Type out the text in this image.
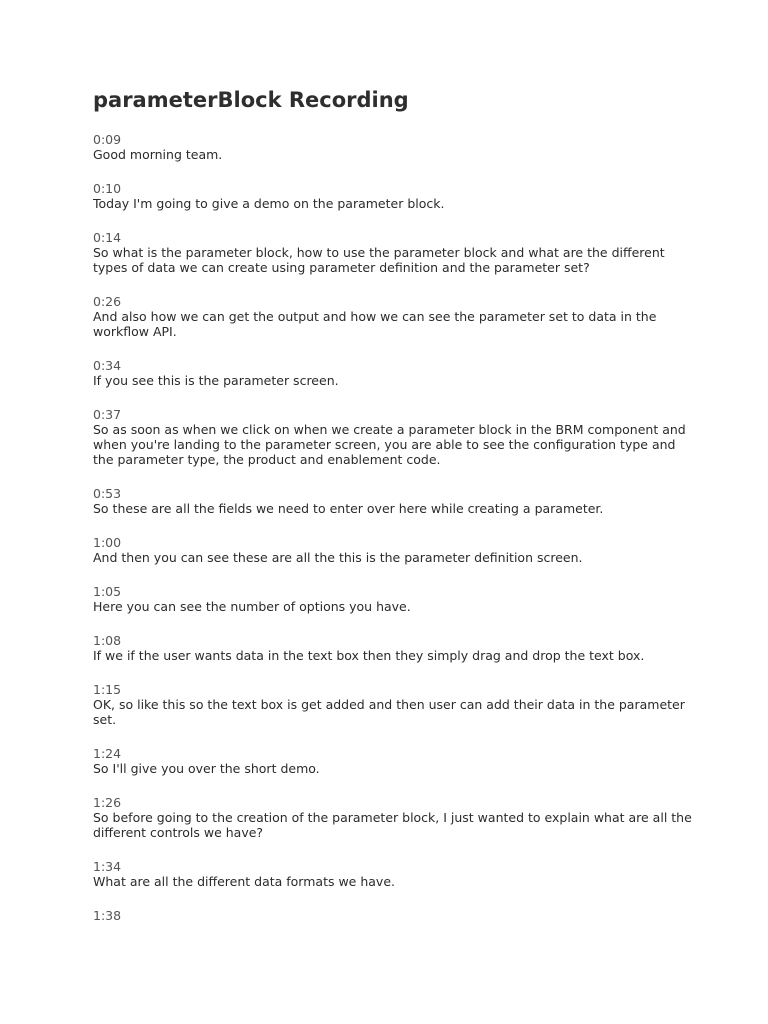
parameterBlock Recording
0:09
Good morning team.
0:10
Today I'm going to give a demo on the parameter block.
0:14
So what is the parameter block, how to use the parameter block and what are the different types of data we can create using parameter definition and the parameter set?
0:26
And also how we can get the output and how we can see the parameter set to data in the workflow API.
0:34
If you see this is the parameter screen.
0:37
So as soon as when we click on when we create a parameter block in the BRM component and when you're landing to the parameter screen, you are able to see the configuration type and the parameter type, the product and enablement code.
0:53
So these are all the fields we need to enter over here while creating a parameter.
1:00
And then you can see these are all the this is the parameter definition screen.
1:05
Here you can see the number of options you have.
1:08
If we if the user wants data in the text box then they simply drag and drop the text box.
1:15
OK, so like this so the text box is get added and then user can add their data in the parameter set.
1:24
So I'll give you over the short demo.
1:26
So before going to the creation of the parameter block, I just wanted to explain what are all the different controls we have?
1:34
What are all the different data formats we have.
1:38
